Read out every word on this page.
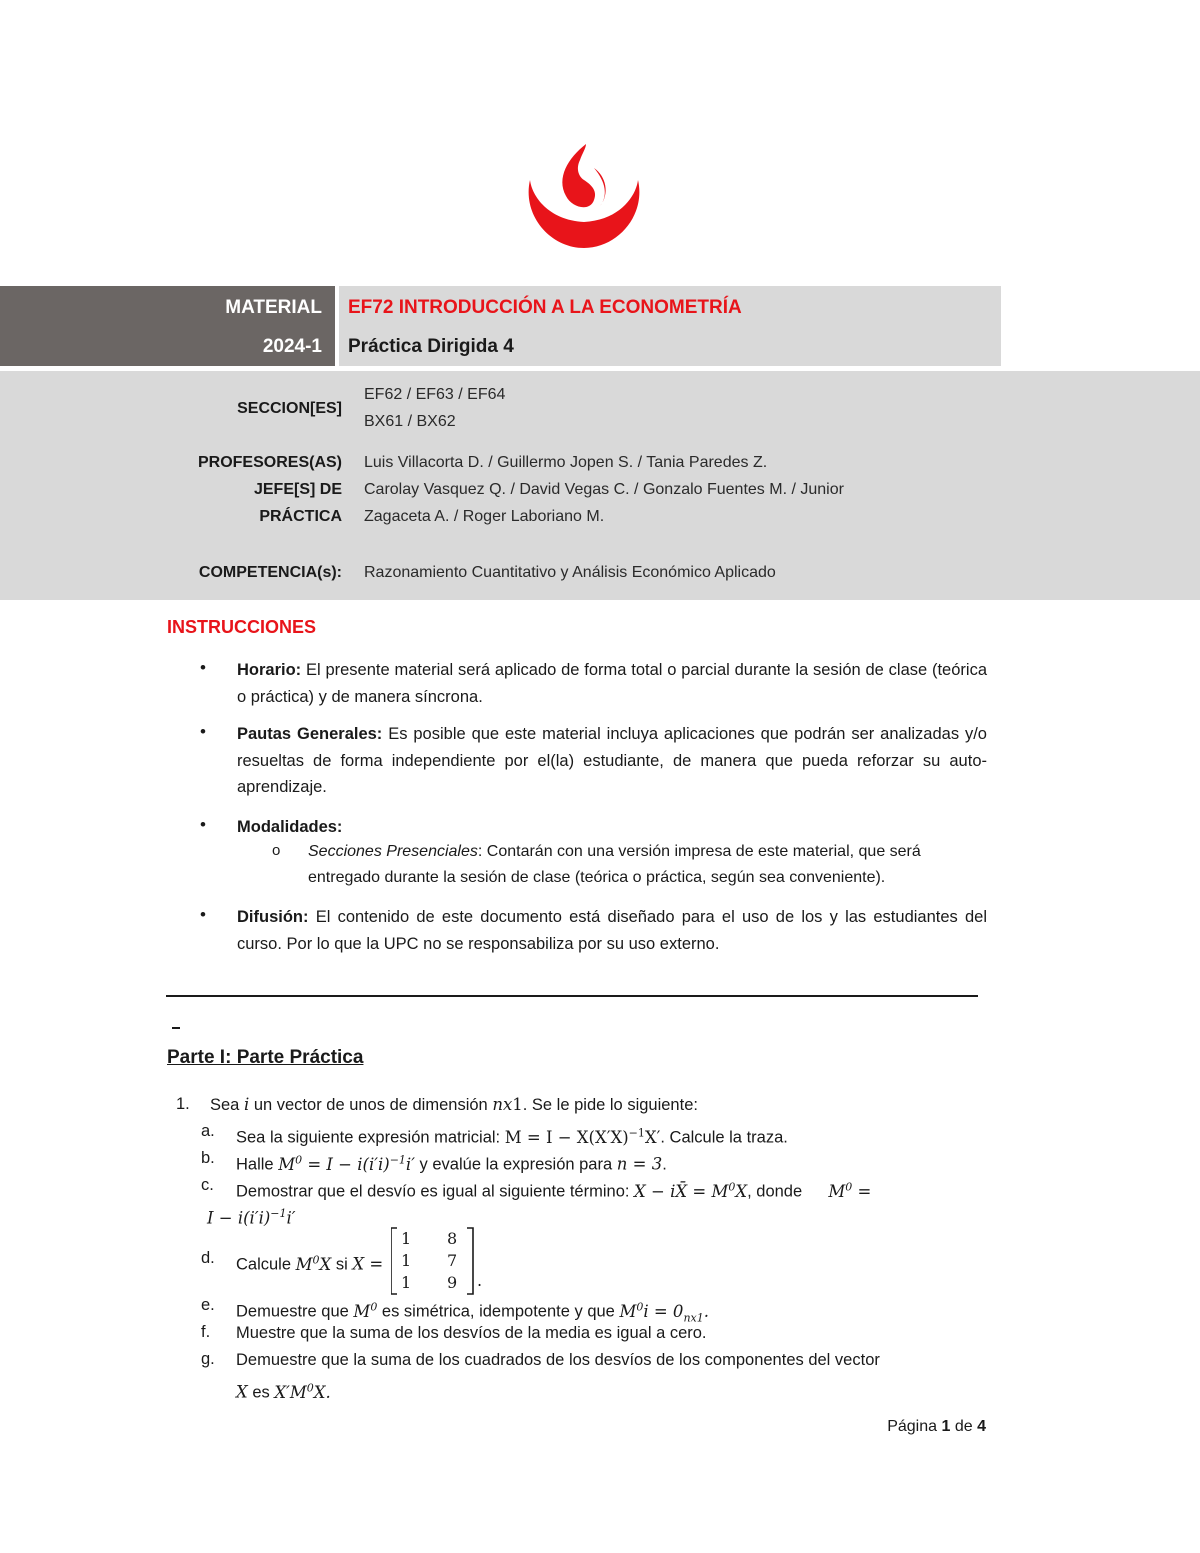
MATERIAL
2024-1
EF72 INTRODUCCIÓN A LA ECONOMETRÍA
Práctica Dirigida 4
SECCION[ES]
EF62 / EF63 / EF64
BX61 / BX62
PROFESORES(AS)
JEFE[S] DE
PRÁCTICA
Luis Villacorta D. / Guillermo Jopen S. / Tania Paredes Z.
Carolay Vasquez Q. / David Vegas C. / Gonzalo Fuentes M. / Junior
Zagaceta A. / Roger Laboriano M.
COMPETENCIA(s): Razonamiento Cuantitativo y Análisis Económico Aplicado
INSTRUCCIONES
• Horario: El presente material será aplicado de forma total o parcial durante la sesión de clase (teórica o práctica) y de manera síncrona.
• Pautas Generales: Es posible que este material incluya aplicaciones que podrán ser analizadas y/o resueltas de forma independiente por el(la) estudiante, de manera que pueda reforzar su auto-aprendizaje.
• Modalidades:
o Secciones Presenciales: Contarán con una versión impresa de este material, que será entregado durante la sesión de clase (teórica o práctica, según sea conveniente).
• Difusión: El contenido de este documento está diseñado para el uso de los y las estudiantes del curso. Por lo que la UPC no se responsabiliza por su uso externo.
Parte I: Parte Práctica
1. Sea i un vector de unos de dimensión nx1. Se le pide lo siguiente:
a. Sea la siguiente expresión matricial: $M = I - X(X'X)^{-1}X'$. Calcule la traza.
b. Halle $M^0 = I - i(i'i)^{-1}i'$ y evalúe la expresión para n = 3.
c. Demostrar que el desvío es igual al siguiente término: X − iX̄ = $M^0X$, donde     $M^0$ =
$I - i(i'i)^{-1}i'$
d. Calcule $M^0X$ si X =
.
1 8
1 7
1 9
e. Demuestre que $M^0$ es simétrica, idempotente y que $M^0i = 0_{nx1}$.
f. Muestre que la suma de los desvíos de la media es igual a cero.
g. Demuestre que la suma de los cuadrados de los desvíos de los componentes del vector
X es $X'M^0X$.
Página 1 de 4
